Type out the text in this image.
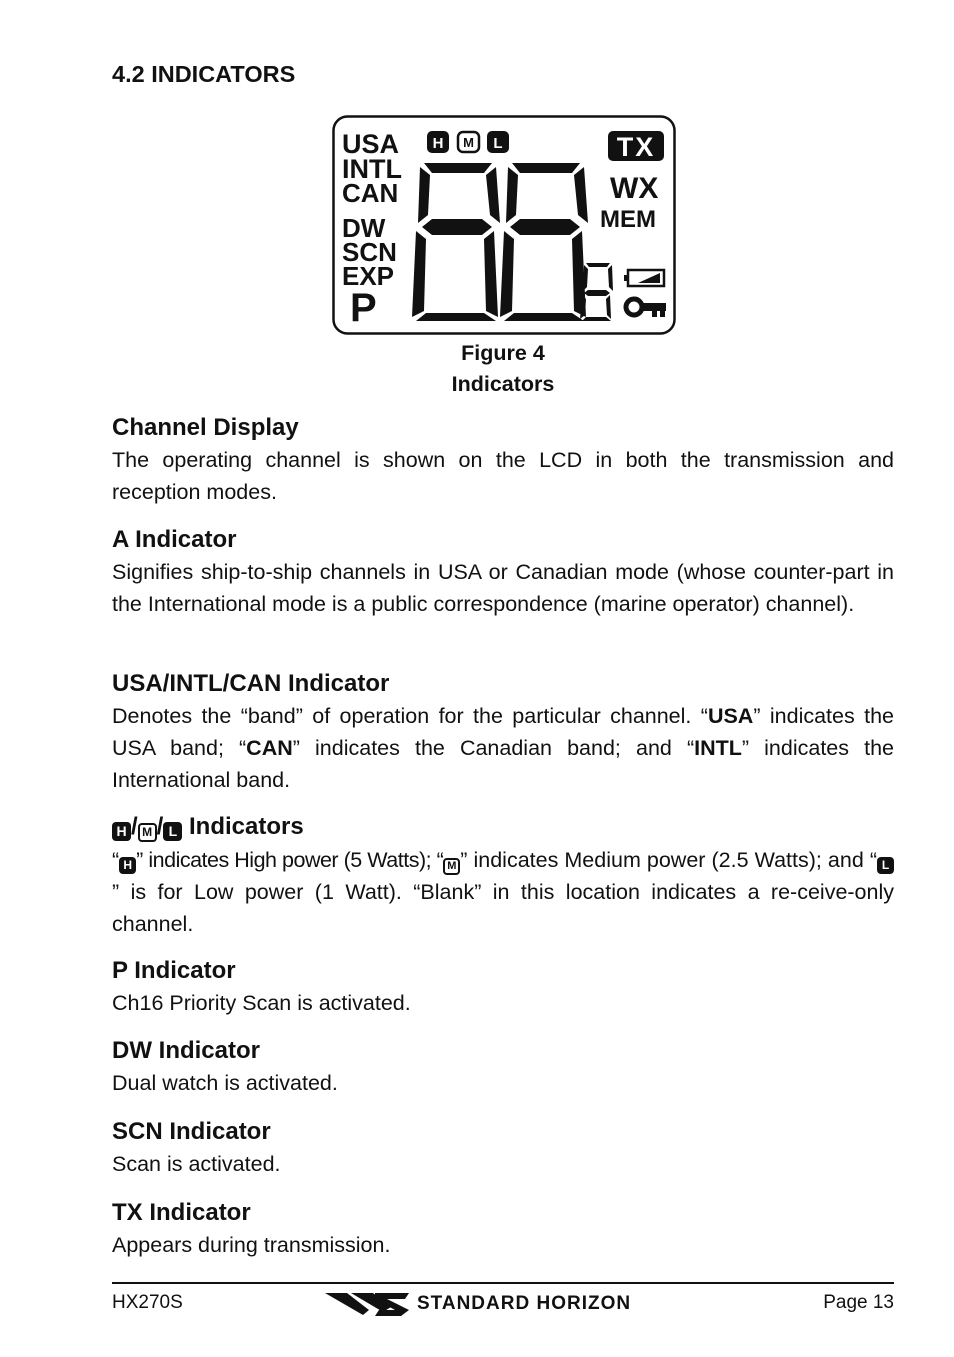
4.2 INDICATORS
USA
INTL
CAN
DW
SCN
EXP
P
H M L	TX
WX
MEM
Figure 4
Indicators

Channel Display

The operating channel is shown on the LCD in both the transmission and reception modes.

A Indicator

Signifies ship-to-ship channels in USA or Canadian mode (whose counter-part in the International mode is a public correspondence (marine operator) channel).

USA/INTL/CAN Indicator

Denotes the “band” of operation for the particular channel. “USA” indicates the USA band; “CAN” indicates the Canadian band; and “INTL” indicates the International band.

H / M / L Indicators

“ H ” indicates High power (5 Watts); “ M ” indicates Medium power (2.5 Watts); and “ L” is for Low power (1 Watt). “Blank” in this location indicates a re-ceive-only channel.

P Indicator

Ch16 Priority Scan is activated.

DW Indicator

Dual watch is activated.

SCN Indicator

Scan is activated.

TX Indicator

Appears during transmission.

HX270S	STANDARD HORIZON	Page 13
